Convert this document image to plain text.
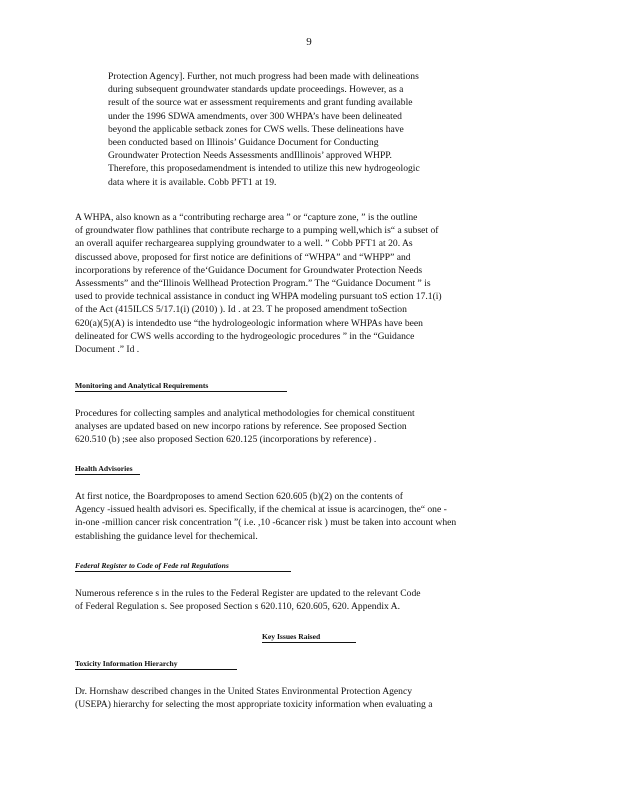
9
Protection Agency]. Further, not much progress had been made with delineations
during subsequent groundwater standards update proceedings. However, as a
result of the source wat er assessment requirements and grant funding available
under the 1996 SDWA amendments, over 300 WHPA’s have been delineated
beyond the applicable setback zones for CWS wells. These delineations have
been conducted based on Illinois’ Guidance Document for Conducting
Groundwater Protection Needs Assessments andIllinois’ approved WHPP.
Therefore, this proposedamendment is intended to utilize this new hydrogeologic
data where it is available. Cobb PFT1 at 19.
A WHPA, also known as a “contributing recharge area ” or “capture zone, ” is the outline
of groundwater flow pathlines that contribute recharge to a pumping well,which is“ a subset of
an overall aquifer rechargearea supplying groundwater to a well. ” Cobb PFT1 at 20. As
discussed above, proposed for first notice are definitions of “WHPA” and “WHPP” and
incorporations by reference of the‘Guidance Document for Groundwater Protection Needs
Assessments” and the“Illinois Wellhead Protection Program.” The “Guidance Document ” is
used to provide technical assistance in conduct ing WHPA modeling pursuant toS ection 17.1(i)
of the Act (415ILCS 5/17.1(i) (2010) ). Id . at 23. T he proposed amendment toSection
620(a)(5)(A) is intendedto use “the hydrologeologic information where WHPAs have been
delineated for CWS wells according to the hydrogeologic procedures ” in the “Guidance
Document .” Id .
Monitoring and Analytical Requirements
Procedures for collecting samples and analytical methodologies for chemical constituent
analyses are updated based on new incorpo rations by reference. See proposed Section
620.510 (b) ;see also proposed Section 620.125 (incorporations by reference) .
Health Advisories
At first notice, the Boardproposes to amend Section 620.605 (b)(2) on the contents of
Agency -issued health advisori es. Specifically, if the chemical at issue is acarcinogen, the“ one -
in-one -million cancer risk concentration ”( i.e. ,10 -6cancer risk ) must be taken into account when
establishing the guidance level for thechemical.
Federal Register to Code of Fede ral Regulations
Numerous reference s in the rules to the Federal Register are updated to the relevant Code
of Federal Regulation s. See proposed Section s 620.110, 620.605, 620. Appendix A.
Key Issues Raised
Toxicity Information Hierarchy
Dr. Hornshaw described changes in the United States Environmental Protection Agency
(USEPA) hierarchy for selecting the most appropriate toxicity information when evaluating a
